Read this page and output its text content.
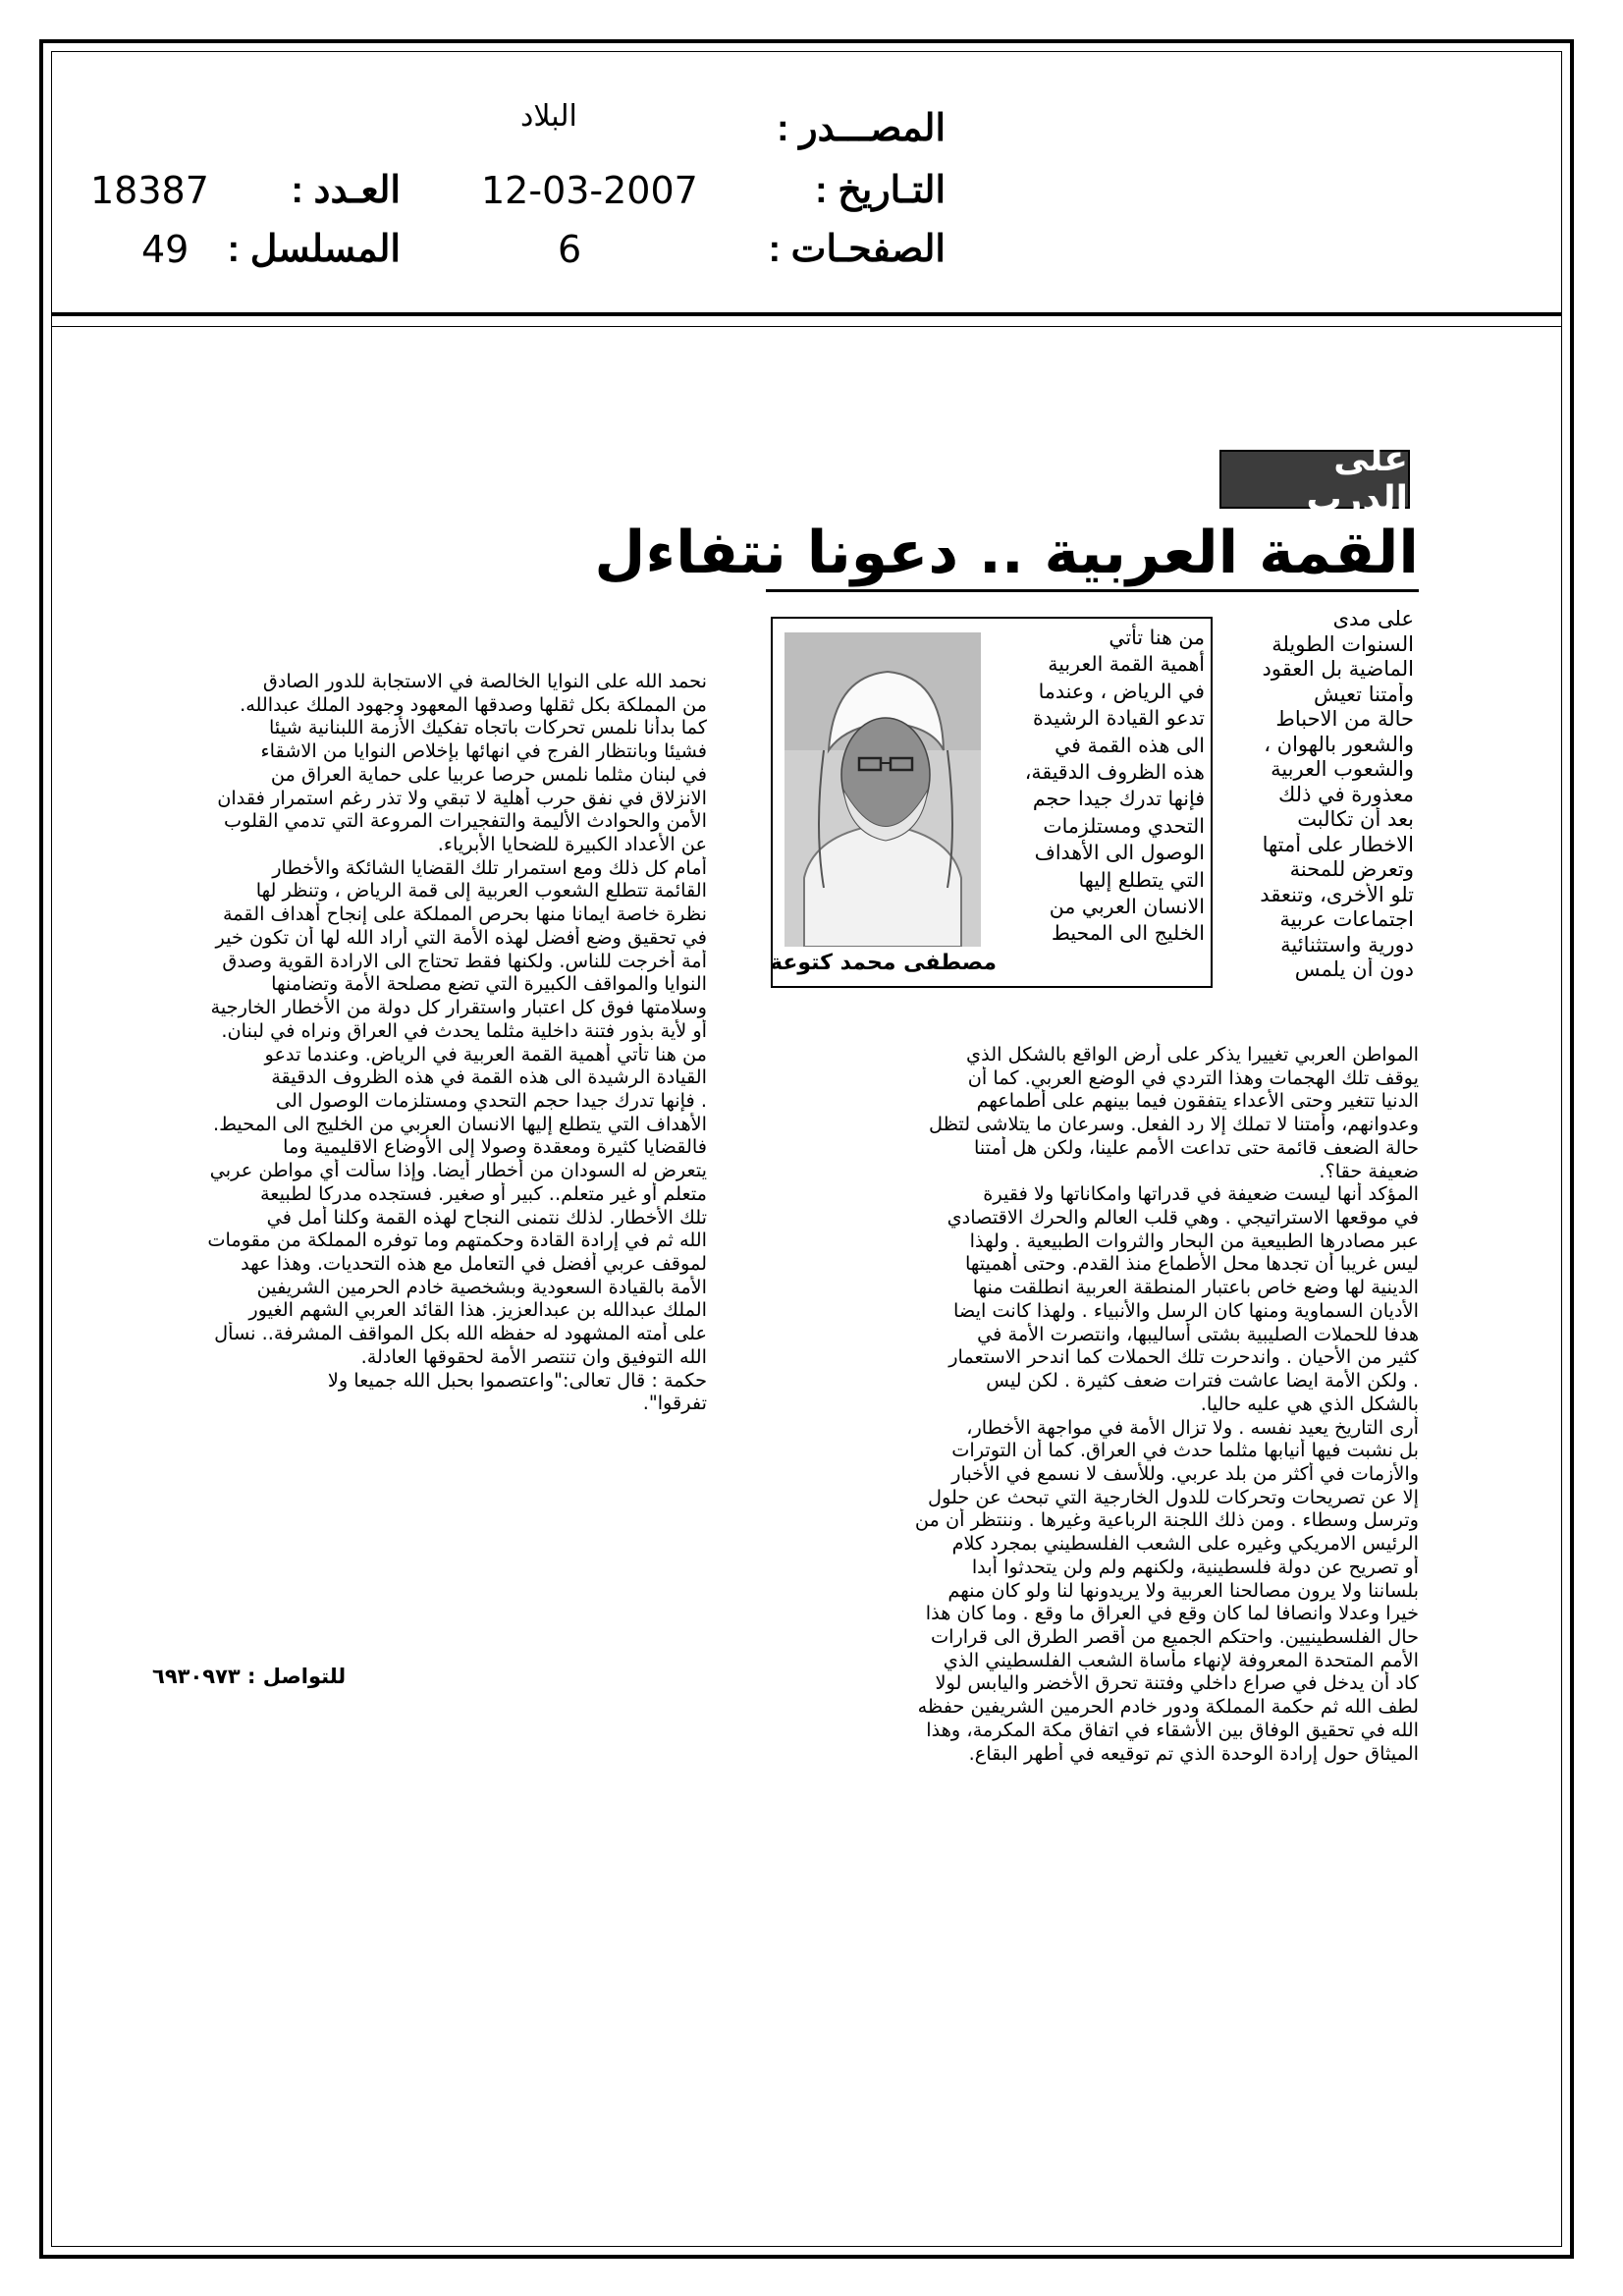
المصـــدر :
البلاد
التـاريخ :
12-03-2007
العـدد :
18387
الصفحـات :
6
المسلسل :
49
على الدرب
القمة العربية .. دعونا نتفاءل
مصطفى محمد كتوعة
من هنا تأتي
أهمية القمة العربية
في الرياض ، وعندما
تدعو القيادة الرشيدة
الى هذه القمة في
هذه الظروف الدقيقة،
فإنها تدرك جيدا حجم
التحدي ومستلزمات
الوصول الى الأهداف
التي يتطلع إليها
الانسان العربي من
الخليج الى المحيط
على مدى
السنوات الطويلة
الماضية بل العقود
وأمتنا تعيش
حالة من الاحباط
والشعور بالهوان ،
والشعوب العربية
معذورة في ذلك
بعد أن تكالبت
الاخطار على أمتها
وتعرض للمحنة
تلو الأخرى، وتنعقد
اجتماعات عربية
دورية واستثنائية
دون أن يلمس
المواطن العربي تغييرا يذكر على أرض الواقع بالشكل الذي
يوقف تلك الهجمات وهذا التردي في الوضع العربي. كما أن
الدنيا تتغير وحتى الأعداء يتفقون فيما بينهم على أطماعهم
وعدوانهم، وأمتنا لا تملك إلا رد الفعل. وسرعان ما يتلاشى لتظل
حالة الضعف قائمة حتى تداعت الأمم علينا، ولكن هل أمتنا
ضعيفة حقا؟.
المؤكد أنها ليست ضعيفة في قدراتها وامكاناتها ولا فقيرة
في موقعها الاستراتيجي . وهي قلب العالم والحرك الاقتصادي
عبر مصادرها الطبيعية من البحار والثروات الطبيعية . ولهذا
ليس غريبا أن تجدها محل الأطماع منذ القدم. وحتى أهميتها
الدينية لها وضع خاص باعتبار المنطقة العربية انطلقت منها
الأديان السماوية ومنها كان الرسل والأنبياء . ولهذا كانت ايضا
هدفا للحملات الصليبية بشتى أساليبها، وانتصرت الأمة في
كثير من الأحيان . واندحرت تلك الحملات كما اندحر الاستعمار
. ولكن الأمة ايضا عاشت فترات ضعف كثيرة . لكن ليس
بالشكل الذي هي عليه حاليا.
أرى التاريخ يعيد نفسه . ولا تزال الأمة في مواجهة الأخطار،
بل نشبت فيها أنيابها مثلما حدث في العراق. كما أن التوترات
والأزمات في أكثر من بلد عربي. وللأسف لا نسمع في الأخبار
إلا عن تصريحات وتحركات للدول الخارجية التي تبحث عن حلول
وترسل وسطاء . ومن ذلك اللجنة الرباعية وغيرها . وننتظر أن من
الرئيس الامريكي وغيره على الشعب الفلسطيني بمجرد كلام
أو تصريح عن دولة فلسطينية، ولكنهم ولم ولن يتحدثوا أبدا
بلساننا ولا يرون مصالحنا العربية ولا يريدونها لنا ولو كان منهم
خيرا وعدلا وانصافا لما كان وقع في العراق ما وقع . وما كان هذا
حال الفلسطينيين. واحتكم الجميع من أقصر الطرق الى قرارات
الأمم المتحدة المعروفة لإنهاء مأساة الشعب الفلسطيني الذي
كاد أن يدخل في صراع داخلي وفتنة تحرق الأخضر واليابس لولا
لطف الله ثم حكمة المملكة ودور خادم الحرمين الشريفين حفظه
الله في تحقيق الوفاق بين الأشقاء في اتفاق مكة المكرمة، وهذا
الميثاق حول إرادة الوحدة الذي تم توقيعه في أطهر البقاع.
نحمد الله على النوايا الخالصة في الاستجابة للدور الصادق
من المملكة بكل ثقلها وصدقها المعهود وجهود الملك عبدالله.
كما بدأنا نلمس تحركات باتجاه تفكيك الأزمة اللبنانية شيئا
فشيئا وبانتظار الفرج في انهائها بإخلاص النوايا من الاشقاء
في لبنان مثلما نلمس حرصا عربيا على حماية العراق من
الانزلاق في نفق حرب أهلية لا تبقي ولا تذر رغم استمرار فقدان
الأمن والحوادث الأليمة والتفجيرات المروعة التي تدمي القلوب
عن الأعداد الكبيرة للضحايا الأبرياء.
أمام كل ذلك ومع استمرار تلك القضايا الشائكة والأخطار
القائمة تتطلع الشعوب العربية إلى قمة الرياض ، وتنظر لها
نظرة خاصة ايمانا منها بحرص المملكة على إنجاح أهداف القمة
في تحقيق وضع أفضل لهذه الأمة التي أراد الله لها أن تكون خير
أمة أخرجت للناس. ولكنها فقط تحتاج الى الارادة القوية وصدق
النوايا والمواقف الكبيرة التي تضع مصلحة الأمة وتضامنها
وسلامتها فوق كل اعتبار واستقرار كل دولة من الأخطار الخارجية
أو لأية بذور فتنة داخلية مثلما يحدث في العراق ونراه في لبنان.
من هنا تأتي أهمية القمة العربية في الرياض. وعندما تدعو
القيادة الرشيدة الى هذه القمة في هذه الظروف الدقيقة
. فإنها تدرك جيدا حجم التحدي ومستلزمات الوصول الى
الأهداف التي يتطلع إليها الانسان العربي من الخليج الى المحيط.
فالقضايا كثيرة ومعقدة وصولا إلى الأوضاع الاقليمية وما
يتعرض له السودان من أخطار أيضا. وإذا سألت أي مواطن عربي
متعلم أو غير متعلم.. كبير أو صغير. فستجده مدركا لطبيعة
تلك الأخطار. لذلك نتمنى النجاح لهذه القمة وكلنا أمل في
الله ثم في إرادة القادة وحكمتهم وما توفره المملكة من مقومات
لموقف عربي أفضل في التعامل مع هذه التحديات. وهذا عهد
الأمة بالقيادة السعودية وبشخصية خادم الحرمين الشريفين
الملك عبدالله بن عبدالعزيز. هذا القائد العربي الشهم الغيور
على أمته المشهود له حفظه الله بكل المواقف المشرفة.. نسأل
الله التوفيق وان تنتصر الأمة لحقوقها العادلة.
حكمة : قال تعالى:"واعتصموا بحبل الله جميعا ولا
تفرقوا".
للتواصل : ٦٩٣٠٩٧٣
